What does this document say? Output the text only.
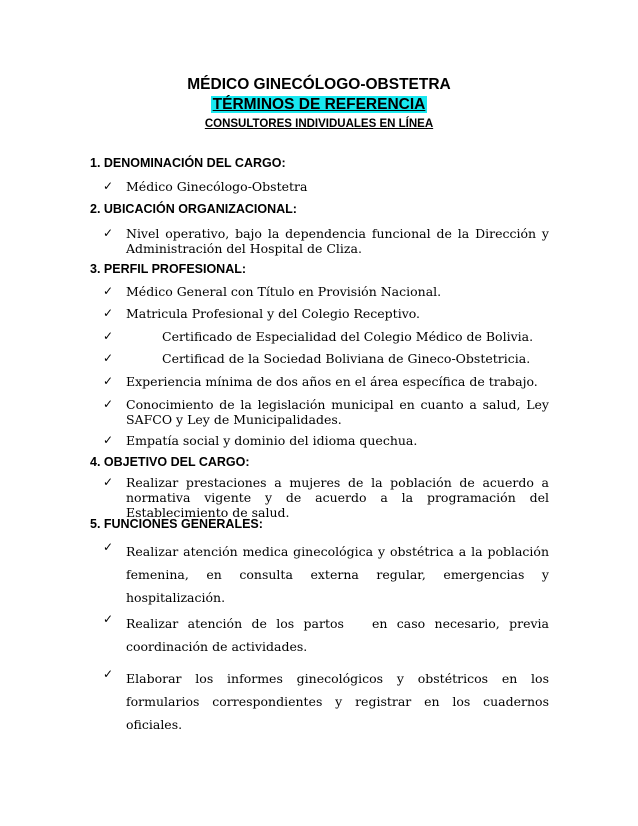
MÉDICO GINECÓLOGO-OBSTETRA
TÉRMINOS DE REFERENCIA
CONSULTORES INDIVIDUALES EN LÍNEA
1. DENOMINACIÓN DEL CARGO:
✓ Médico Ginecólogo-Obstetra
2. UBICACIÓN ORGANIZACIONAL:
✓ Nivel operativo, bajo la dependencia funcional de la Dirección y Administración del Hospital de Cliza.
3. PERFIL PROFESIONAL:
✓ Médico General con Título en Provisión Nacional.
✓ Matricula Profesional y del Colegio Receptivo.
✓	Certificado de Especialidad del Colegio Médico de Bolivia.
✓	Certificad de la Sociedad Boliviana de Gineco-Obstetricia.
✓ Experiencia mínima de dos años en el área específica de trabajo.
✓ Conocimiento de la legislación municipal en cuanto a salud, Ley SAFCO y Ley de Municipalidades.
✓ Empatía social y dominio del idioma quechua.
4. OBJETIVO DEL CARGO:
✓ Realizar prestaciones a mujeres de la población de acuerdo a normativa vigente y de acuerdo a la programación del Establecimiento de salud.
5. FUNCIONES GENERALES:
✓ Realizar atención medica ginecológica y obstétrica a la población femenina, en consulta externa regular, emergencias y hospitalización.
✓ Realizar atención de los partos   en caso necesario, previa coordinación de actividades.
✓ Elaborar los informes ginecológicos y obstétricos en los formularios correspondientes y registrar en los cuadernos oficiales.
